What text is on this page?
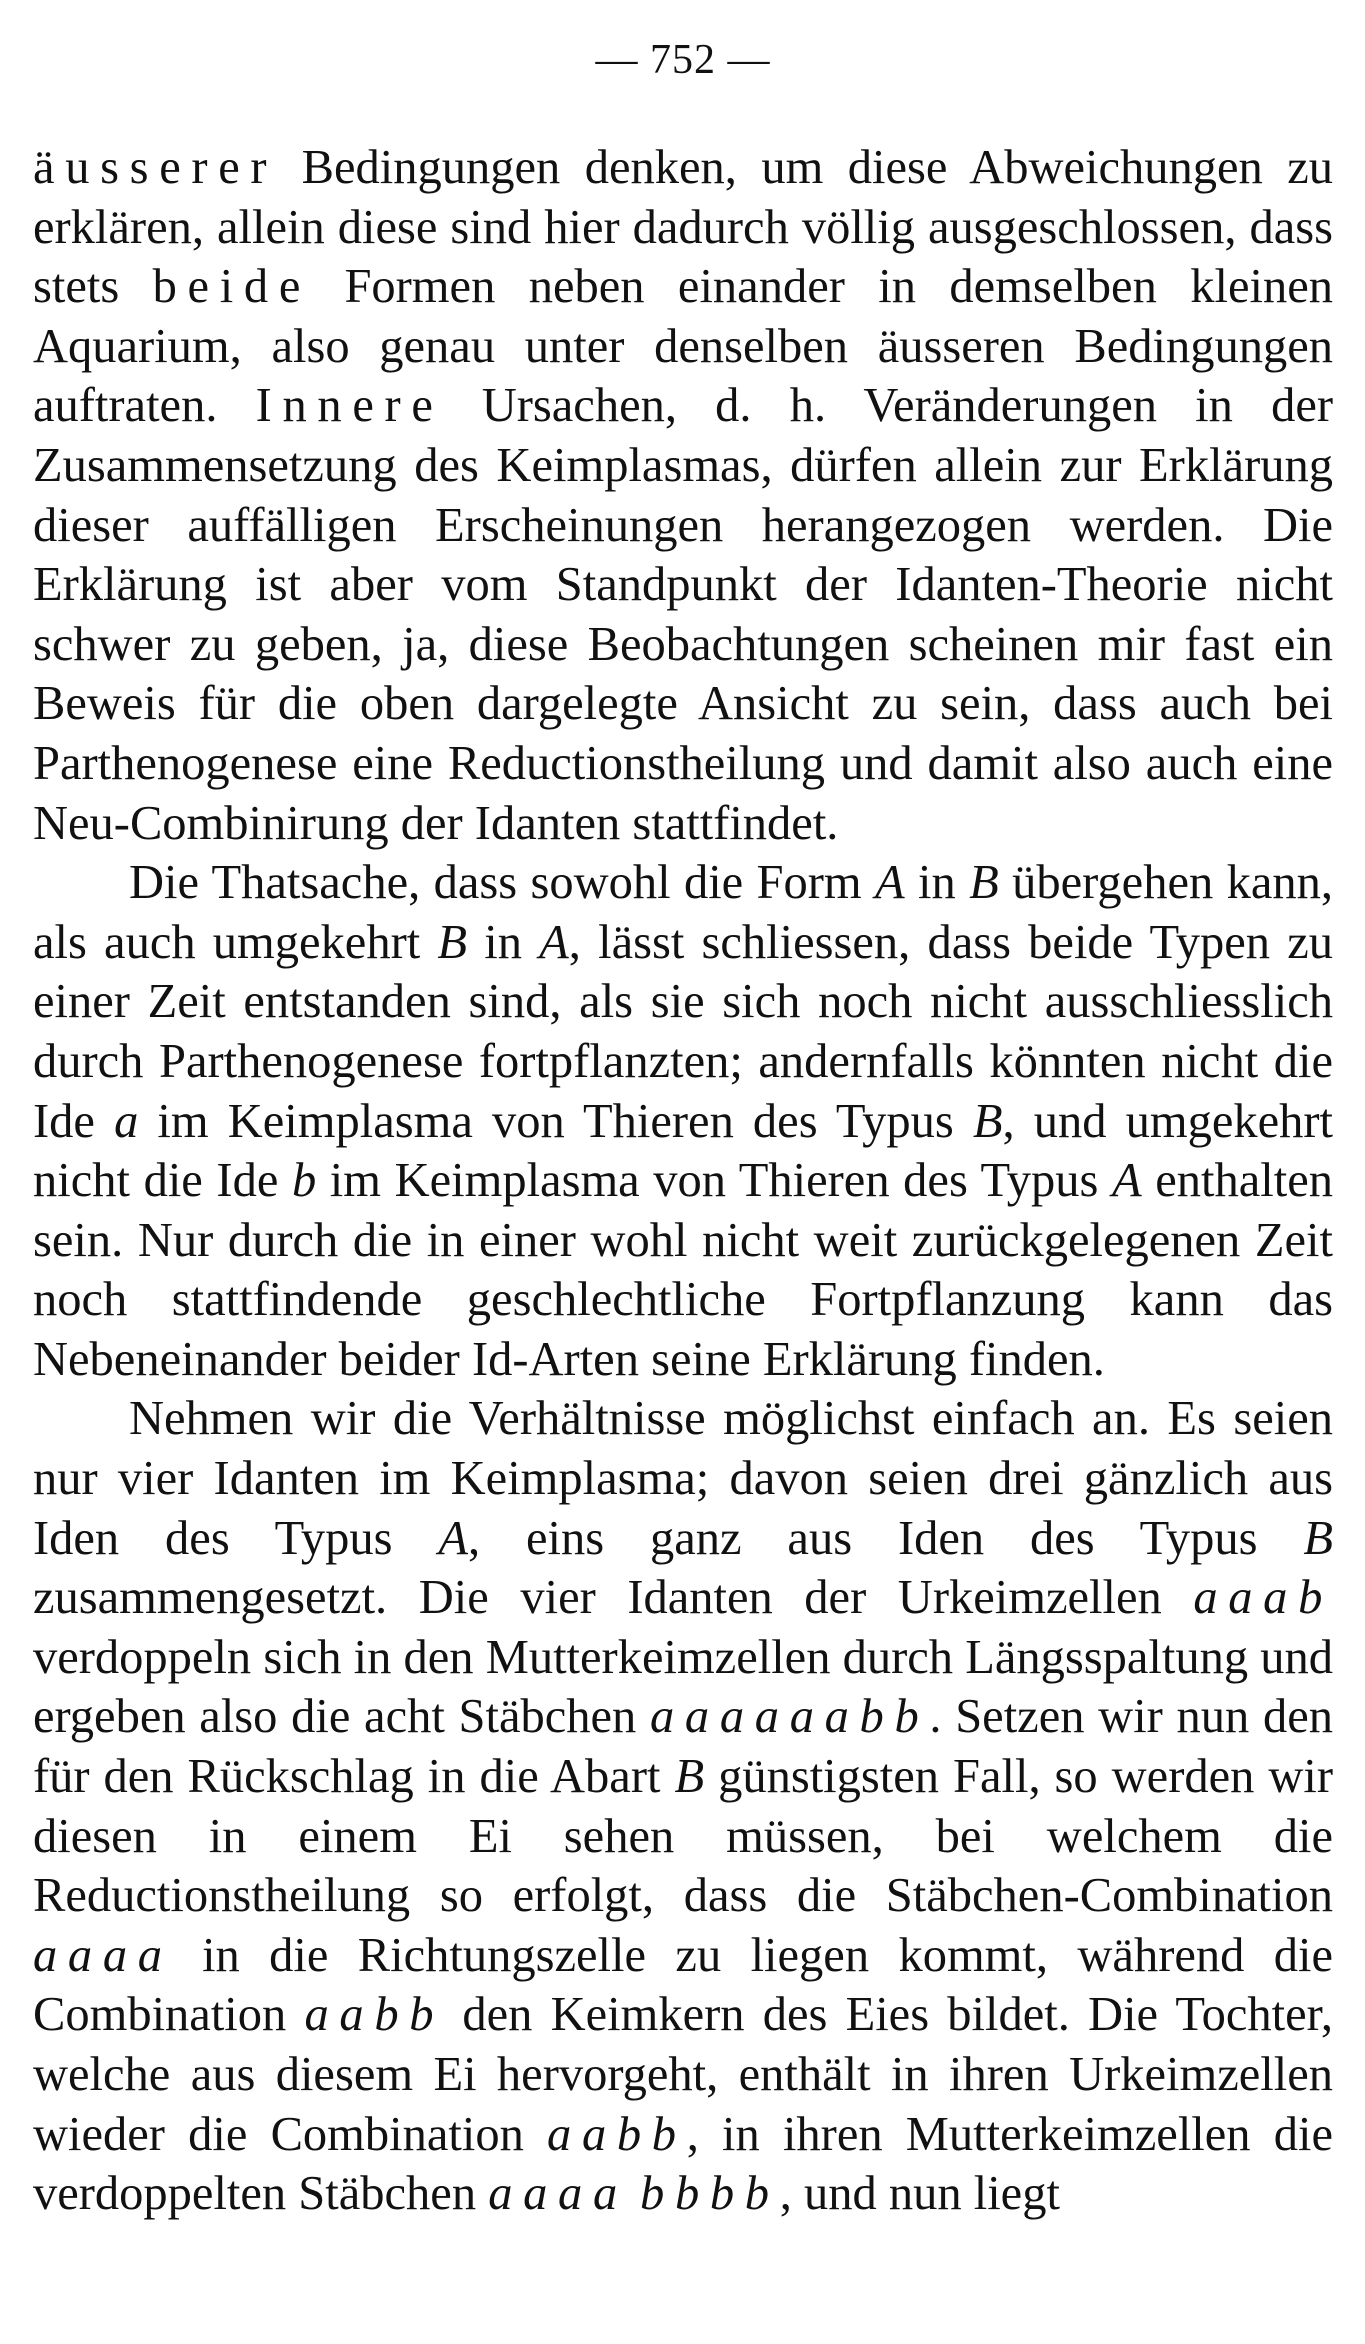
— 752 —

äusserer Bedingungen denken, um diese Abweichungen zu erklären, allein diese sind hier dadurch völlig ausgeschlossen, dass stets beide Formen neben einander in demselben kleinen Aquarium, also genau unter denselben äusseren Bedingungen auftraten. Innere Ursachen, d. h. Veränderungen in der Zusammensetzung des Keimplasmas, dürfen allein zur Erklärung dieser auffälligen Erscheinungen herangezogen werden. Die Erklärung ist aber vom Standpunkt der Idanten-Theorie nicht schwer zu geben, ja, diese Beobachtungen scheinen mir fast ein Beweis für die oben dargelegte Ansicht zu sein, dass auch bei Parthenogenese eine Reductionstheilung und damit also auch eine Neu-Combinirung der Idanten stattfindet.

Die Thatsache, dass sowohl die Form A in B übergehen kann, als auch umgekehrt B in A, lässt schliessen, dass beide Typen zu einer Zeit entstanden sind, als sie sich noch nicht ausschliesslich durch Parthenogenese fortpflanzten; andernfalls könnten nicht die Ide a im Keimplasma von Thieren des Typus B, und umgekehrt nicht die Ide b im Keimplasma von Thieren des Typus A enthalten sein. Nur durch die in einer wohl nicht weit zurückgelegenen Zeit noch stattfindende geschlechtliche Fortpflanzung kann das Nebeneinander beider Id-Arten seine Erklärung finden.

Nehmen wir die Verhältnisse möglichst einfach an. Es seien nur vier Idanten im Keimplasma; davon seien drei gänzlich aus Iden des Typus A, eins ganz aus Iden des Typus B zusammengesetzt. Die vier Idanten der Urkeimzellen aaab verdoppeln sich in den Mutterkeimzellen durch Längsspaltung und ergeben also die acht Stäbchen aaaaaabb. Setzen wir nun den für den Rückschlag in die Abart B günstigsten Fall, so werden wir diesen in einem Ei sehen müssen, bei welchem die Reductionstheilung so erfolgt, dass die Stäbchen-Combination aaaa in die Richtungszelle zu liegen kommt, während die Combination aabb den Keimkern des Eies bildet. Die Tochter, welche aus diesem Ei hervorgeht, enthält in ihren Urkeimzellen wieder die Combination aabb, in ihren Mutterkeimzellen die verdoppelten Stäbchen aaaa bbbb, und nun liegt
